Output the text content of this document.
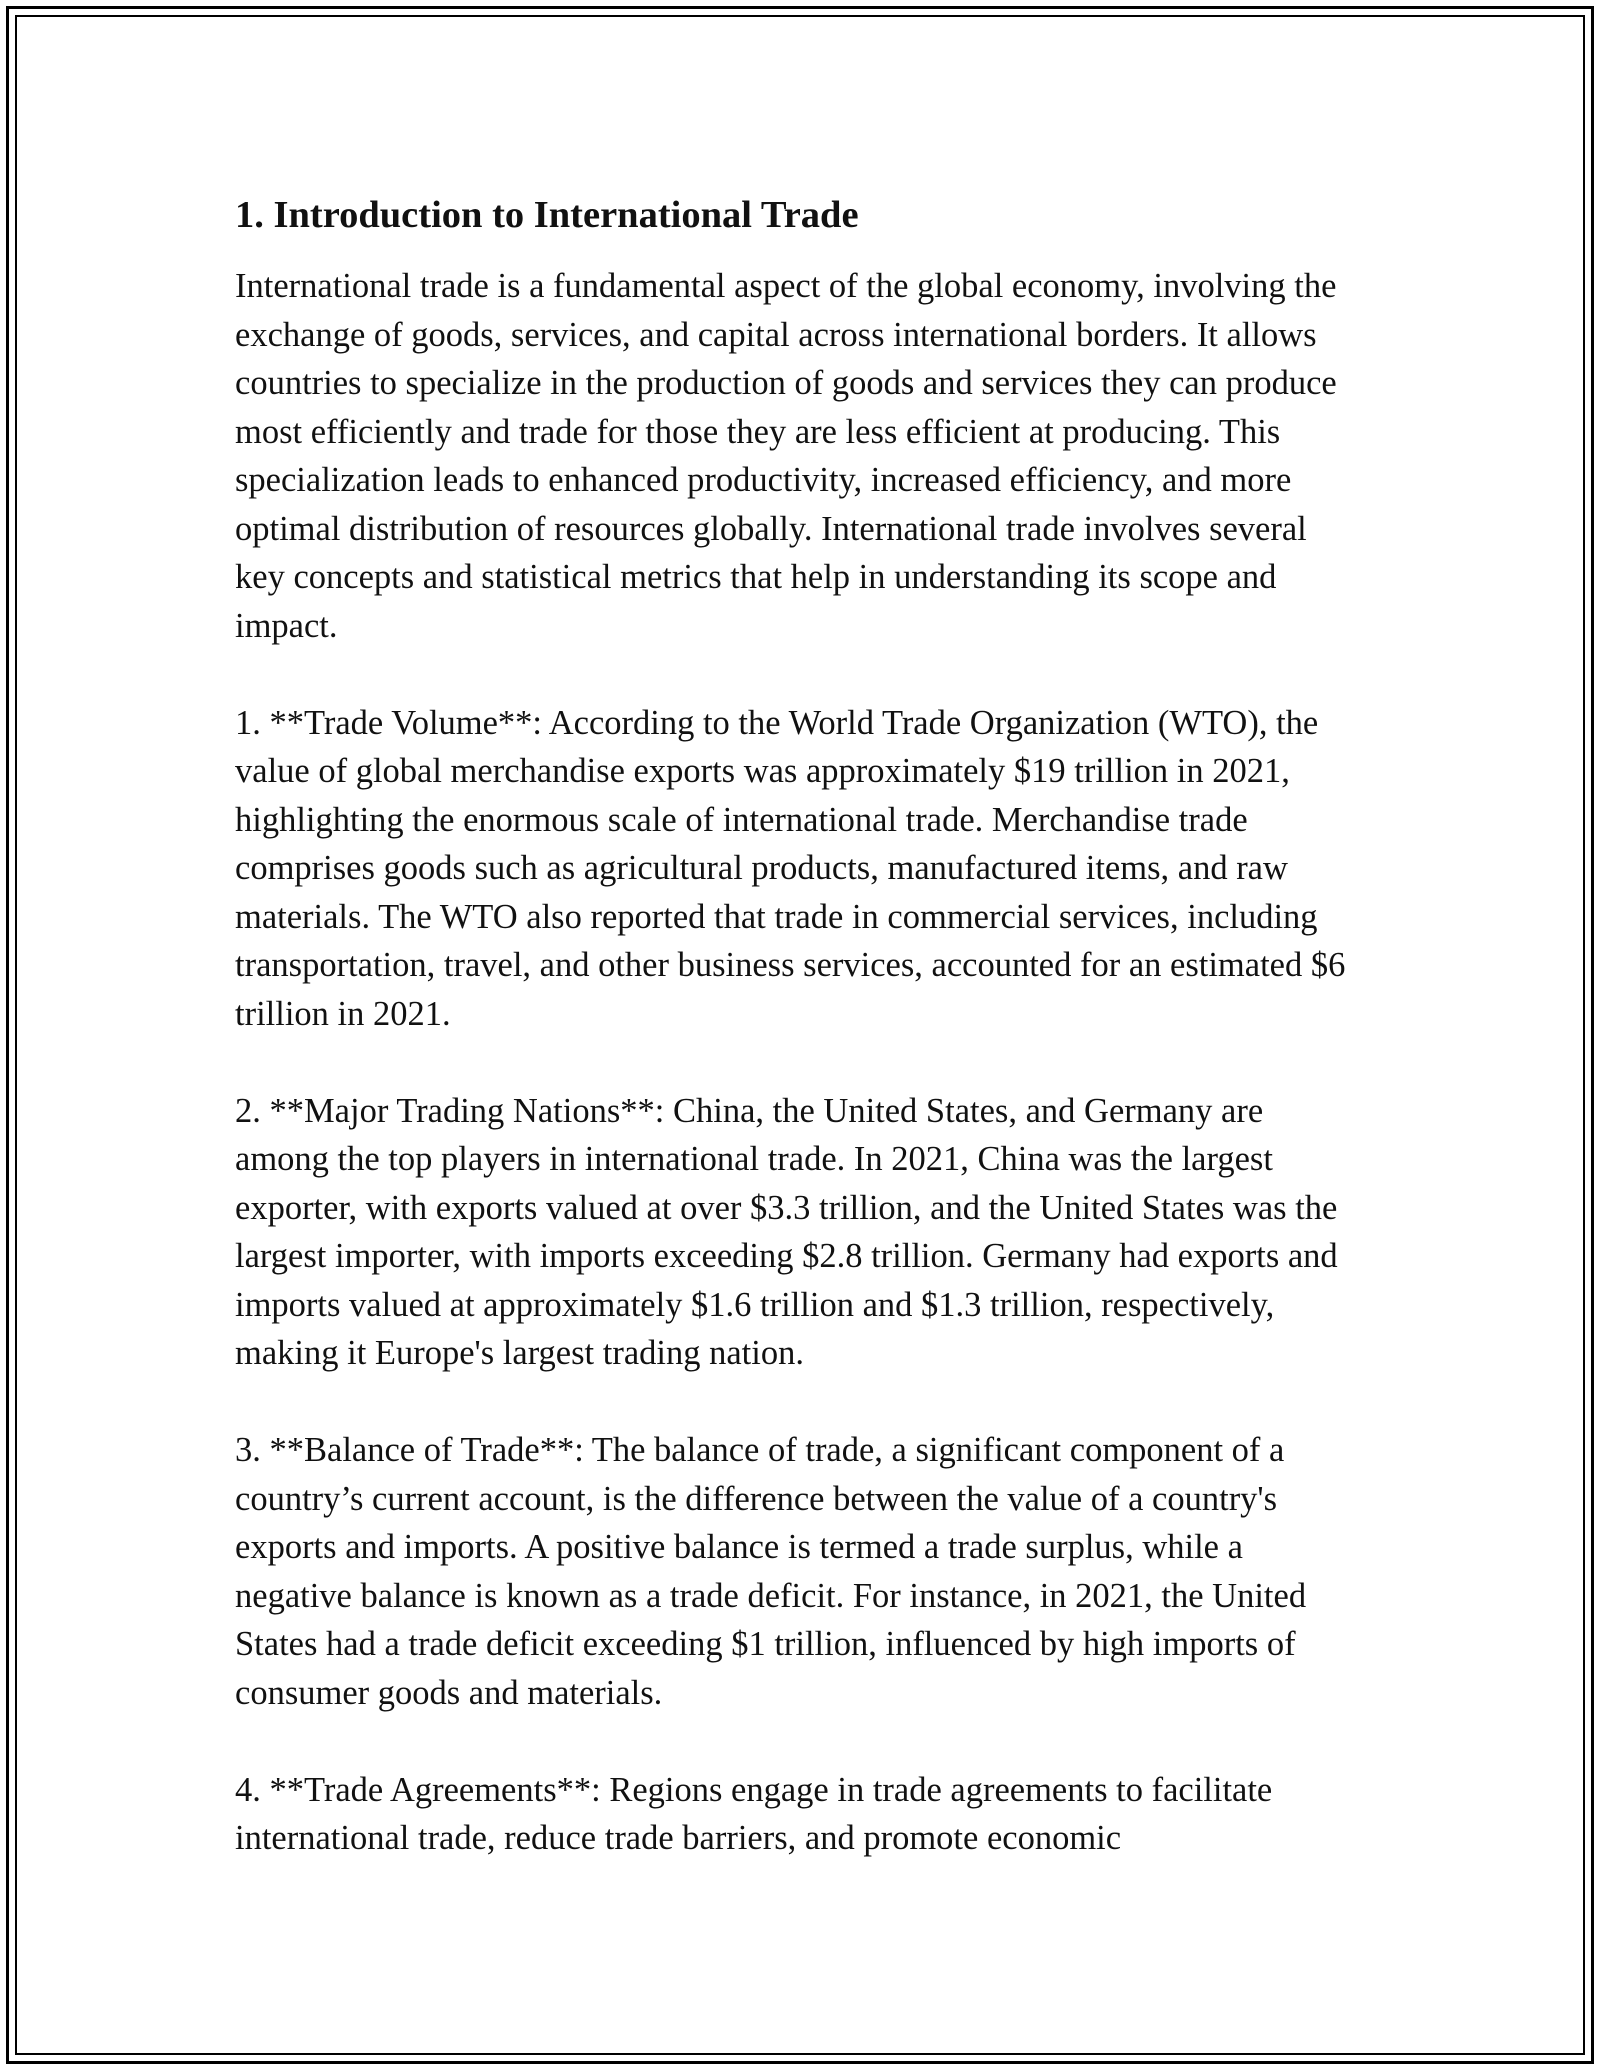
1. Introduction to International Trade

International trade is a fundamental aspect of the global economy, involving the exchange of goods, services, and capital across international borders. It allows countries to specialize in the production of goods and services they can produce most efficiently and trade for those they are less efficient at producing. This specialization leads to enhanced productivity, increased efficiency, and more optimal distribution of resources globally. International trade involves several key concepts and statistical metrics that help in understanding its scope and impact.

1. **Trade Volume**: According to the World Trade Organization (WTO), the value of global merchandise exports was approximately $19 trillion in 2021, highlighting the enormous scale of international trade. Merchandise trade comprises goods such as agricultural products, manufactured items, and raw materials. The WTO also reported that trade in commercial services, including transportation, travel, and other business services, accounted for an estimated $6 trillion in 2021.

2. **Major Trading Nations**: China, the United States, and Germany are among the top players in international trade. In 2021, China was the largest exporter, with exports valued at over $3.3 trillion, and the United States was the largest importer, with imports exceeding $2.8 trillion. Germany had exports and imports valued at approximately $1.6 trillion and $1.3 trillion, respectively, making it Europe's largest trading nation.

3. **Balance of Trade**: The balance of trade, a significant component of a country’s current account, is the difference between the value of a country's exports and imports. A positive balance is termed a trade surplus, while a negative balance is known as a trade deficit. For instance, in 2021, the United States had a trade deficit exceeding $1 trillion, influenced by high imports of consumer goods and materials.

4. **Trade Agreements**: Regions engage in trade agreements to facilitate international trade, reduce trade barriers, and promote economic
